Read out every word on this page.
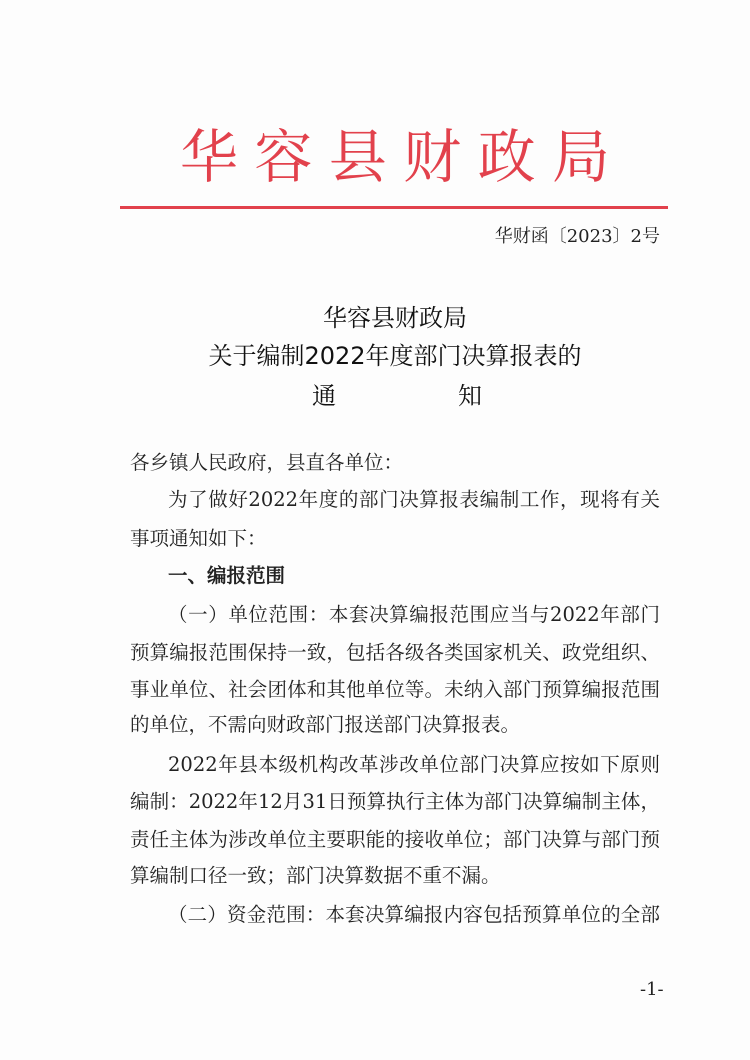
华 容 县 财 政 局
华财函〔2023〕2号
华容县财政局
关于编制2022年度部门决算报表的
通	知
各乡镇人民政府，县直各单位：
为了做好2022年度的部门决算报表编制工作，现将有关
事项通知如下：
一、编报范围
（一）单位范围：本套决算编报范围应当与2022年部门
预算编报范围保持一致，包括各级各类国家机关、政党组织、
事业单位、社会团体和其他单位等。未纳入部门预算编报范围
的单位，不需向财政部门报送部门决算报表。
2022年县本级机构改革涉改单位部门决算应按如下原则
编制：2022年12月31日预算执行主体为部门决算编制主体，
责任主体为涉改单位主要职能的接收单位；部门决算与部门预
算编制口径一致；部门决算数据不重不漏。
（二）资金范围：本套决算编报内容包括预算单位的全部
-1-
